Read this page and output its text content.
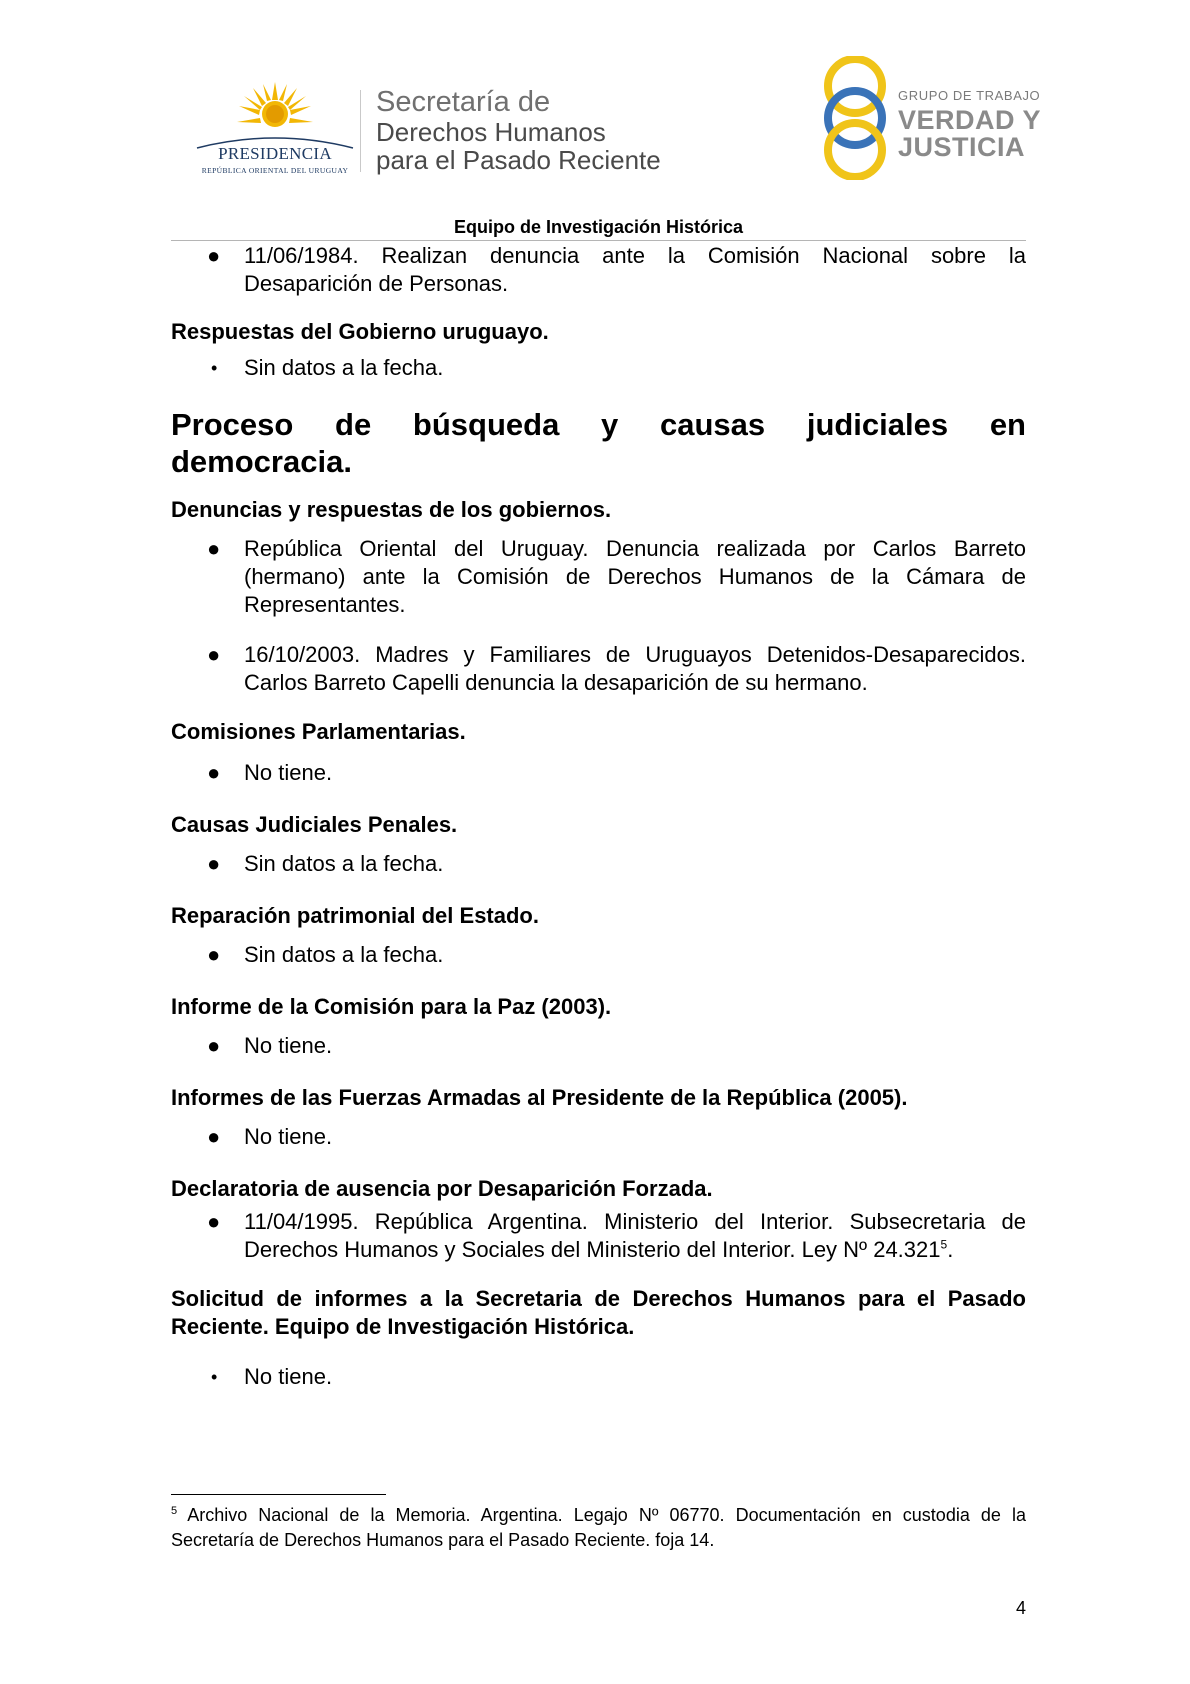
PRESIDENCIA
REPÚBLICA ORIENTAL DEL URUGUAY
Secretaría de
Derechos Humanos
para el Pasado Reciente
GRUPO DE TRABAJO
VERDAD Y
JUSTICIA
Equipo de Investigación Histórica
● 11/06/1984. Realizan denuncia ante la Comisión Nacional sobre la Desaparición de Personas.
Respuestas del Gobierno uruguayo.
• Sin datos a la fecha.
Proceso de búsqueda y causas judiciales en
democracia.
Denuncias y respuestas de los gobiernos.
● República Oriental del Uruguay. Denuncia realizada por Carlos Barreto (hermano) ante la Comisión de Derechos Humanos de la Cámara de Representantes.
● 16/10/2003. Madres y Familiares de Uruguayos Detenidos-Desaparecidos. Carlos Barreto Capelli denuncia la desaparición de su hermano.
Comisiones Parlamentarias.
● No tiene.
Causas Judiciales Penales.
● Sin datos a la fecha.
Reparación patrimonial del Estado.
● Sin datos a la fecha.
Informe de la Comisión para la Paz (2003).
● No tiene.
Informes de las Fuerzas Armadas al Presidente de la República (2005).
● No tiene.
Declaratoria de ausencia por Desaparición Forzada.
● 11/04/1995. República Argentina. Ministerio del Interior. Subsecretaria de Derechos Humanos y Sociales del Ministerio del Interior. Ley Nº 24.321$^5$.
Solicitud de informes a la Secretaria de Derechos Humanos para el Pasado Reciente. Equipo de Investigación Histórica.
• No tiene.
$^5$ Archivo Nacional de la Memoria. Argentina. Legajo Nº 06770. Documentación en custodia de la Secretaría de Derechos Humanos para el Pasado Reciente. foja 14.
4
